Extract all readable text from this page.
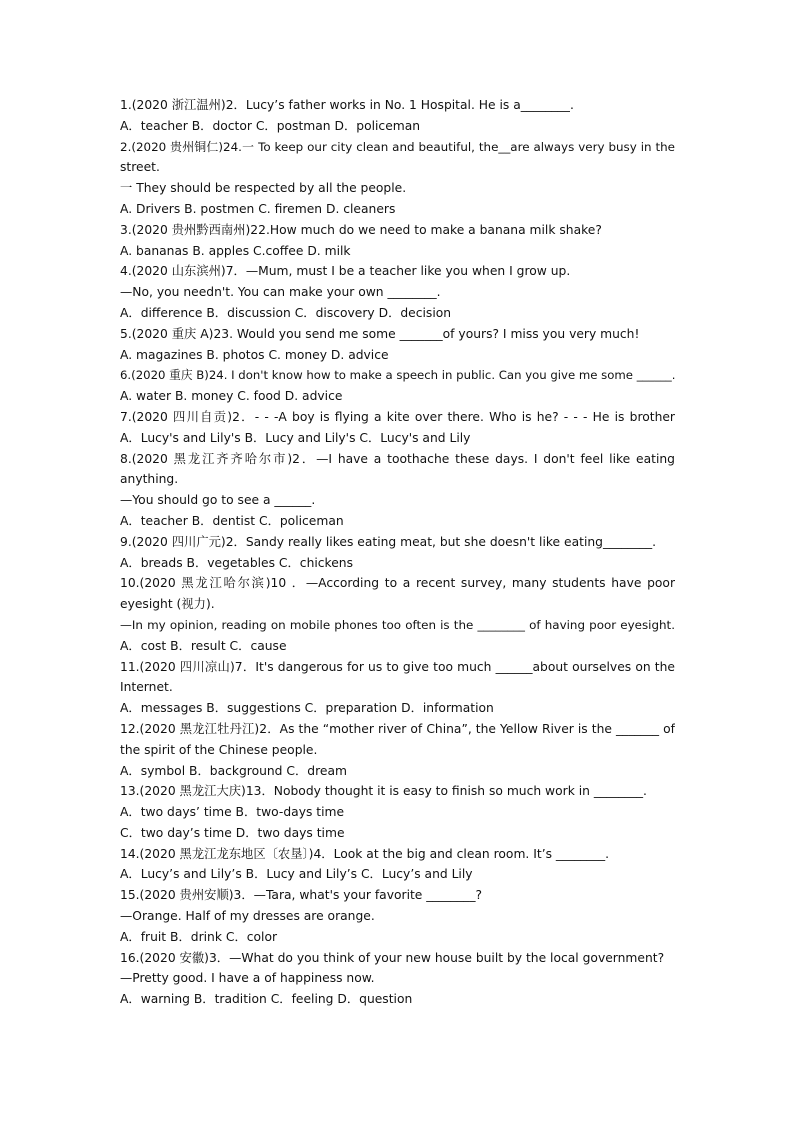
1.(2020 浙江温州)2．Lucy’s father works in No. 1 Hospital. He is a________.
A．teacher B．doctor C．postman D．policeman
2.(2020 贵州铜仁)24.一 To keep our city clean and beautiful, the__are always very busy in the
street.
一 They should be respected by all the people.
A. Drivers B. postmen C. firemen D. cleaners
3.(2020 贵州黔西南州)22.How much do we need to make a banana milk shake?
A. bananas B. apples C.coffee D. milk
4.(2020 山东滨州)7．—Mum, must I be a teacher like you when I grow up.
—No, you needn't. You can make your own ________.
A．difference B．discussion C．discovery D．decision
5.(2020 重庆 A)23. Would you send me some _______of yours? I miss you very much!
A. magazines B. photos C. money D. advice
6.(2020 重庆 B)24. I don't know how to make a speech in public. Can you give me some ______.
A. water B. money C. food D. advice
7.(2020 四川自贡)2．- - -A boy is flying a kite over there. Who is he? - - - He is brother
A．Lucy's and Lily's B．Lucy and Lily's C．Lucy's and Lily
8.(2020 黑龙江齐齐哈尔市)2．—I have a toothache these days. I don't feel like eating
anything.
—You should go to see a ______.
A．teacher B．dentist C．policeman
9.(2020 四川广元)2．Sandy really likes eating meat, but she doesn't like eating________.
A．breads B．vegetables C．chickens
10.(2020 黑龙江哈尔滨)10 ．—According to a recent survey, many students have poor
eyesight (视力).
—In my opinion, reading on mobile phones too often is the ________ of having poor eyesight.
A．cost B．result C．cause
11.(2020 四川凉山)7．It's dangerous for us to give too much ______about ourselves on the
Internet.
A．messages B．suggestions C．preparation D．information
12.(2020 黑龙江牡丹江)2．As the “mother river of China”, the Yellow River is the _______ of
the spirit of the Chinese people.
A．symbol B．background C．dream
13.(2020 黑龙江大庆)13．Nobody thought it is easy to finish so much work in ________.
A．two days’ time B．two-days time
C．two day’s time D．two days time
14.(2020 黑龙江龙东地区〔农垦〕)4．Look at the big and clean room. It’s ________.
A．Lucy’s and Lily’s B．Lucy and Lily’s C．Lucy’s and Lily
15.(2020 贵州安顺)3．—Tara, what's your favorite ________?
—Orange. Half of my dresses are orange.
A．fruit B．drink C．color
16.(2020 安徽)3．—What do you think of your new house built by the local government?
—Pretty good. I have a of happiness now.
A．warning B．tradition C．feeling D．question
